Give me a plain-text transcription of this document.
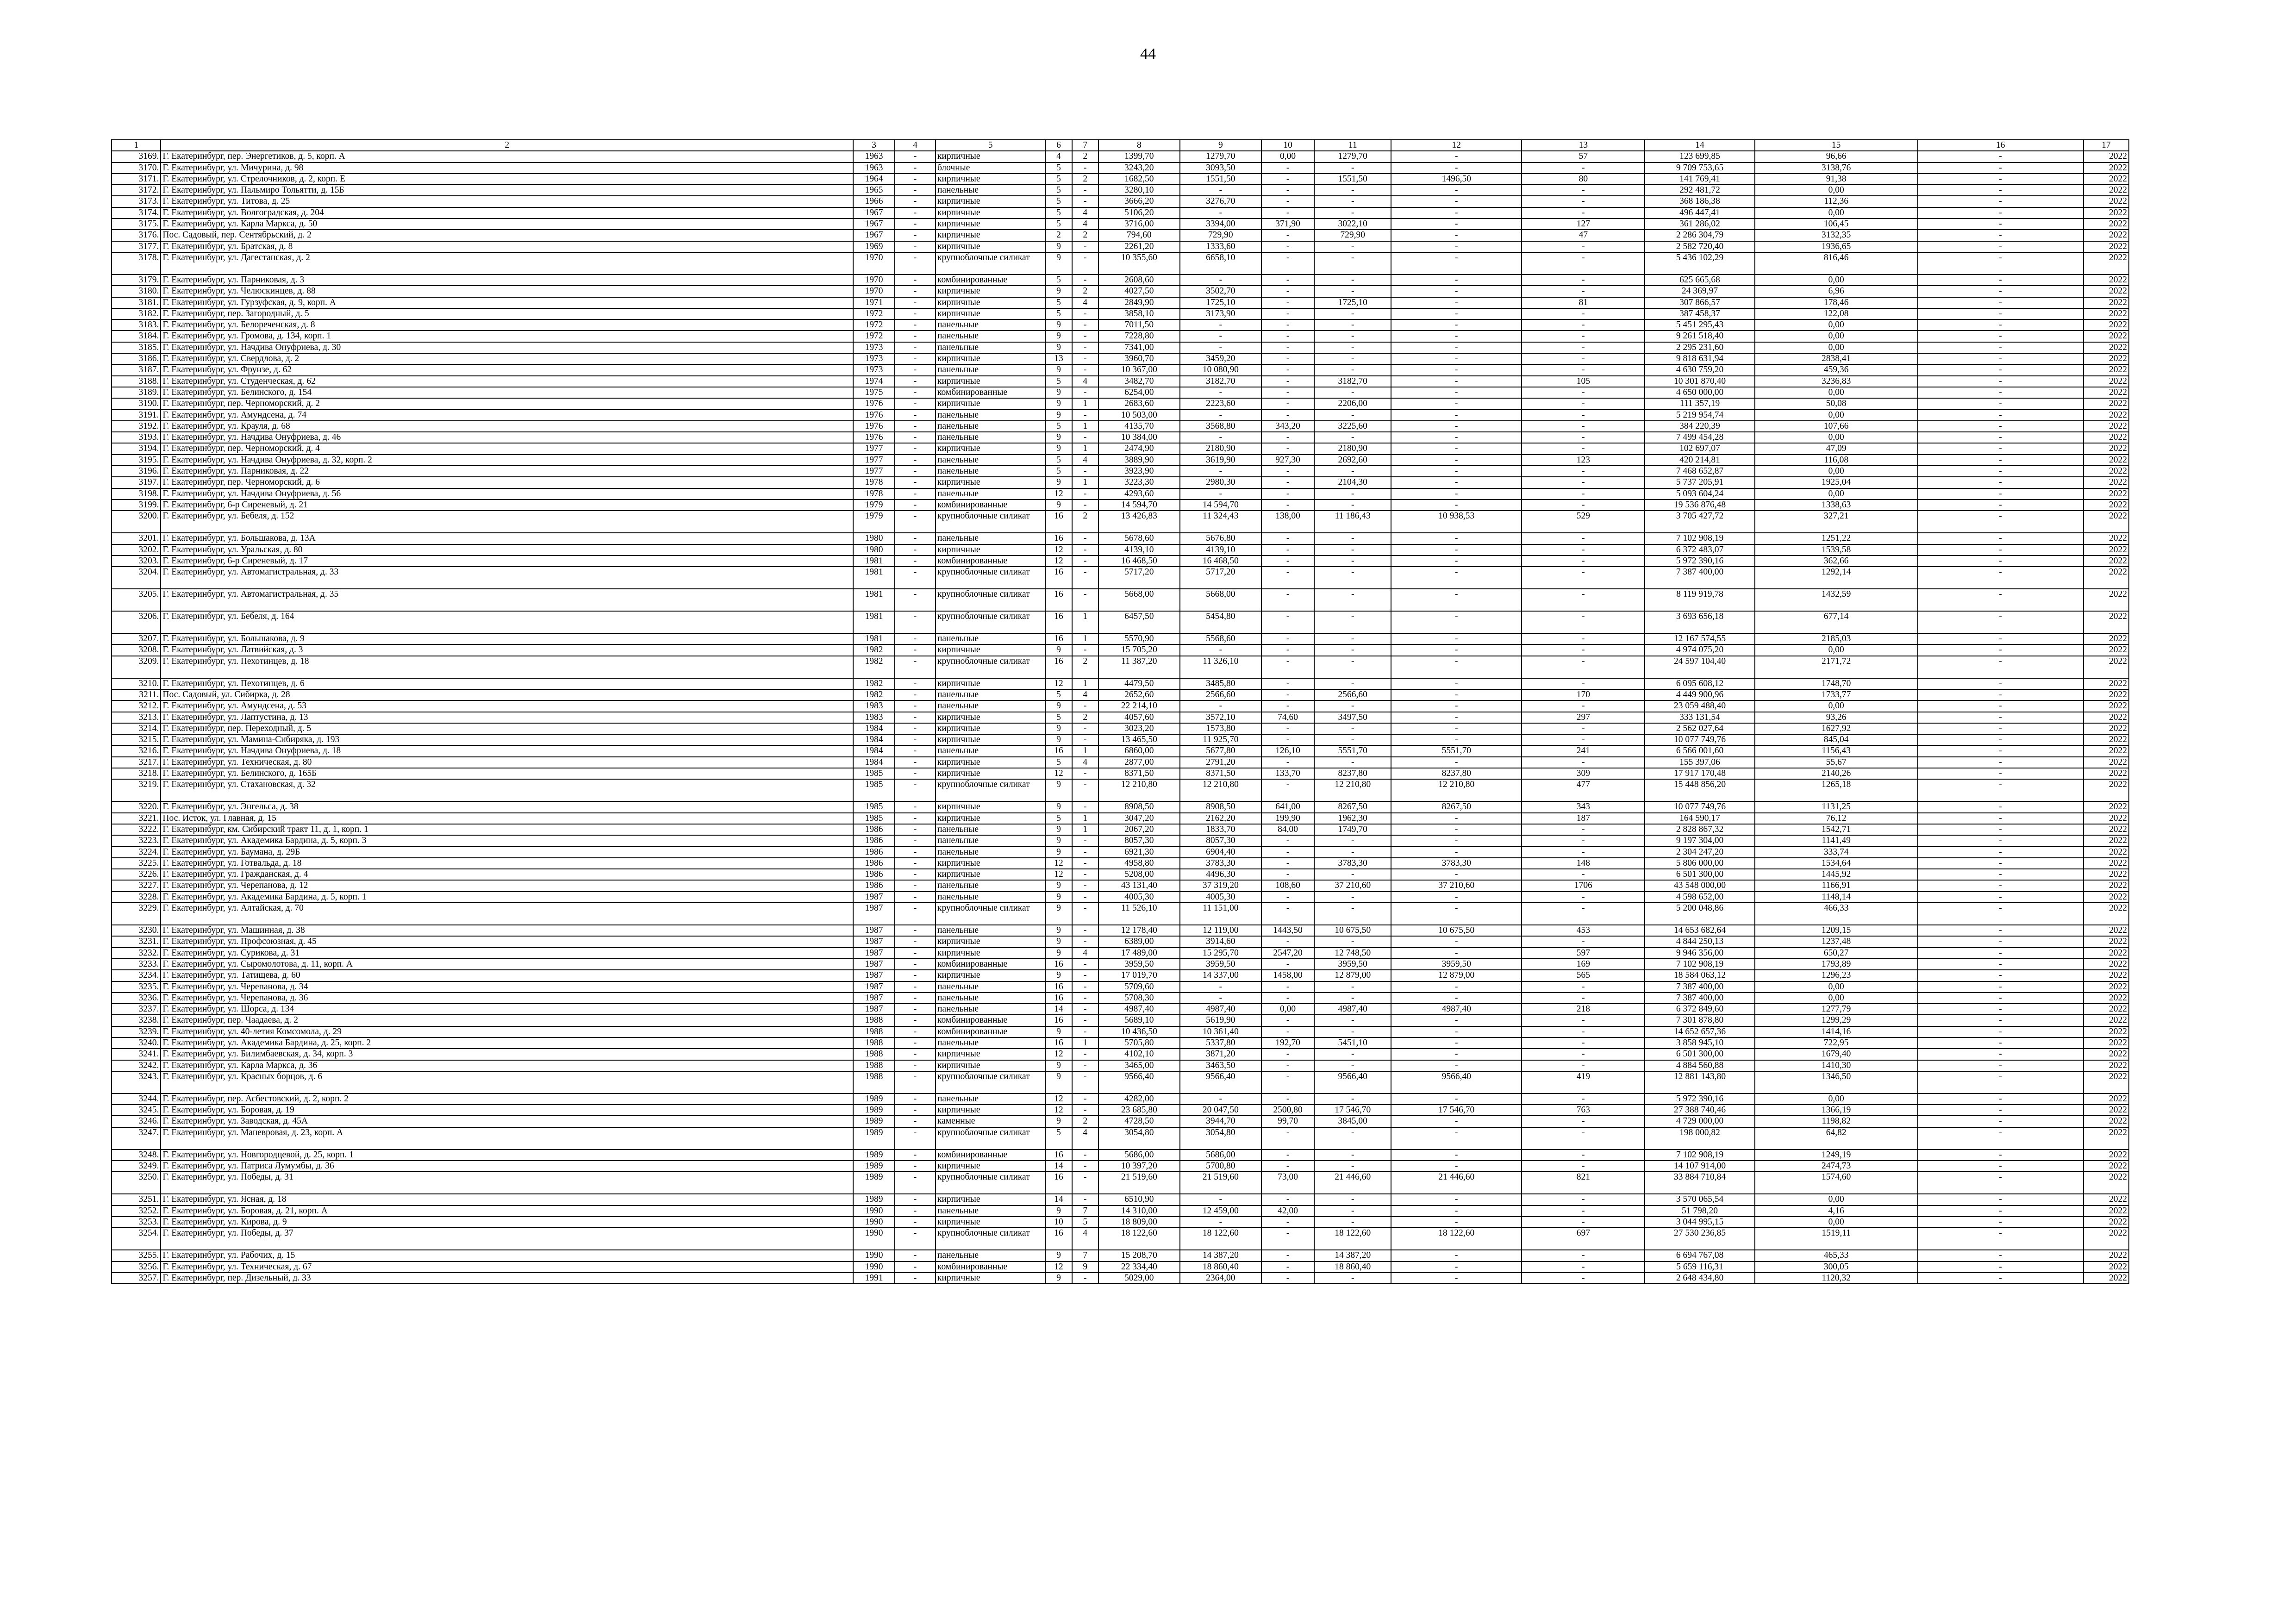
44
1	2	3	4	5	6	7	8	9	10	11	12	13	14	15	16	17
3169.	Г. Екатеринбург, пер. Энергетиков, д. 5, корп. А	1963	-	кирпичные	4	2	1399,70	1279,70	0,00	1279,70	-	57	123 699,85	96,66	-	2022
3170.	Г. Екатеринбург, ул. Мичурина, д. 98	1963	-	блочные	5	-	3243,20	3093,50	-	-	-	-	9 709 753,65	3138,76	-	2022
3171.	Г. Екатеринбург, ул. Стрелочников, д. 2, корп. Е	1964	-	кирпичные	5	2	1682,50	1551,50	-	1551,50	1496,50	80	141 769,41	91,38	-	2022
3172.	Г. Екатеринбург, ул. Пальмиро Тольятти, д. 15Б	1965	-	панельные	5	-	3280,10	-	-	-	-	-	292 481,72	0,00	-	2022
3173.	Г. Екатеринбург, ул. Титова, д. 25	1966	-	кирпичные	5	-	3666,20	3276,70	-	-	-	-	368 186,38	112,36	-	2022
3174.	Г. Екатеринбург, ул. Волгоградская, д. 204	1967	-	кирпичные	5	4	5106,20	-	-	-	-	-	496 447,41	0,00	-	2022
3175.	Г. Екатеринбург, ул. Карла Маркса, д. 50	1967	-	кирпичные	5	4	3716,00	3394,00	371,90	3022,10	-	127	361 286,02	106,45	-	2022
3176.	Пос. Садовый, пер. Сентябрьский, д. 2	1967	-	кирпичные	2	2	794,60	729,90	-	729,90	-	47	2 286 304,79	3132,35	-	2022
3177.	Г. Екатеринбург, ул. Братская, д. 8	1969	-	кирпичные	9	-	2261,20	1333,60	-	-	-	-	2 582 720,40	1936,65	-	2022
3178.	Г. Екатеринбург, ул. Дагестанская, д. 2	1970	-	крупноблочные силикат	9	-	10 355,60	6658,10	-	-	-	-	5 436 102,29	816,46	-	2022
3179.	Г. Екатеринбург, ул. Парниковая, д. 3	1970	-	комбинированные	5	-	2608,60	-	-	-	-	-	625 665,68	0,00	-	2022
3180.	Г. Екатеринбург, ул. Челюскинцев, д. 88	1970	-	кирпичные	9	2	4027,50	3502,70	-	-	-	-	24 369,97	6,96	-	2022
3181.	Г. Екатеринбург, ул. Гурзуфская, д. 9, корп. А	1971	-	кирпичные	5	4	2849,90	1725,10	-	1725,10	-	81	307 866,57	178,46	-	2022
3182.	Г. Екатеринбург, пер. Загородный, д. 5	1972	-	кирпичные	5	-	3858,10	3173,90	-	-	-	-	387 458,37	122,08	-	2022
3183.	Г. Екатеринбург, ул. Белореченская, д. 8	1972	-	панельные	9	-	7011,50	-	-	-	-	-	5 451 295,43	0,00	-	2022
3184.	Г. Екатеринбург, ул. Громова, д. 134, корп. 1	1972	-	панельные	9	-	7228,80	-	-	-	-	-	9 261 518,40	0,00	-	2022
3185.	Г. Екатеринбург, ул. Начдива Онуфриева, д. 30	1973	-	панельные	9	-	7341,00	-	-	-	-	-	2 295 231,60	0,00	-	2022
3186.	Г. Екатеринбург, ул. Свердлова, д. 2	1973	-	кирпичные	13	-	3960,70	3459,20	-	-	-	-	9 818 631,94	2838,41	-	2022
3187.	Г. Екатеринбург, ул. Фрунзе, д. 62	1973	-	панельные	9	-	10 367,00	10 080,90	-	-	-	-	4 630 759,20	459,36	-	2022
3188.	Г. Екатеринбург, ул. Студенческая, д. 62	1974	-	кирпичные	5	4	3482,70	3182,70	-	3182,70	-	105	10 301 870,40	3236,83	-	2022
3189.	Г. Екатеринбург, ул. Белинского, д. 154	1975	-	комбинированные	9	-	6254,00	-	-	-	-	-	4 650 000,00	0,00	-	2022
3190.	Г. Екатеринбург, пер. Черноморский, д. 2	1976	-	кирпичные	9	1	2683,60	2223,60	-	2206,00	-	-	111 357,19	50,08	-	2022
3191.	Г. Екатеринбург, ул. Амундсена, д. 74	1976	-	панельные	9	-	10 503,00	-	-	-	-	-	5 219 954,74	0,00	-	2022
3192.	Г. Екатеринбург, ул. Крауля, д. 68	1976	-	панельные	5	1	4135,70	3568,80	343,20	3225,60	-	-	384 220,39	107,66	-	2022
3193.	Г. Екатеринбург, ул. Начдива Онуфриева, д. 46	1976	-	панельные	9	-	10 384,00	-	-	-	-	-	7 499 454,28	0,00	-	2022
3194.	Г. Екатеринбург, пер. Черноморский, д. 4	1977	-	кирпичные	9	1	2474,90	2180,90	-	2180,90	-	-	102 697,07	47,09	-	2022
3195.	Г. Екатеринбург, ул. Начдива Онуфриева, д. 32, корп. 2	1977	-	панельные	5	4	3889,90	3619,90	927,30	2692,60	-	123	420 214,81	116,08	-	2022
3196.	Г. Екатеринбург, ул. Парниковая, д. 22	1977	-	панельные	5	-	3923,90	-	-	-	-	-	7 468 652,87	0,00	-	2022
3197.	Г. Екатеринбург, пер. Черноморский, д. 6	1978	-	кирпичные	9	1	3223,30	2980,30	-	2104,30	-	-	5 737 205,91	1925,04	-	2022
3198.	Г. Екатеринбург, ул. Начдива Онуфриева, д. 56	1978	-	панельные	12	-	4293,60	-	-	-	-	-	5 093 604,24	0,00	-	2022
3199.	Г. Екатеринбург, 6-р Сиреневый, д. 21	1979	-	комбинированные	9	-	14 594,70	14 594,70	-	-	-	-	19 536 876,48	1338,63	-	2022
3200.	Г. Екатеринбург, ул. Бебеля, д. 152	1979	-	крупноблочные силикат	16	2	13 426,83	11 324,43	138,00	11 186,43	10 938,53	529	3 705 427,72	327,21	-	2022
3201.	Г. Екатеринбург, ул. Большакова, д. 13А	1980	-	панельные	16	-	5678,60	5676,80	-	-	-	-	7 102 908,19	1251,22	-	2022
3202.	Г. Екатеринбург, ул. Уральская, д. 80	1980	-	кирпичные	12	-	4139,10	4139,10	-	-	-	-	6 372 483,07	1539,58	-	2022
3203.	Г. Екатеринбург, 6-р Сиреневый, д. 17	1981	-	комбинированные	12	-	16 468,50	16 468,50	-	-	-	-	5 972 390,16	362,66	-	2022
3204.	Г. Екатеринбург, ул. Автомагистральная, д. 33	1981	-	крупноблочные силикат	16	-	5717,20	5717,20	-	-	-	-	7 387 400,00	1292,14	-	2022
3205.	Г. Екатеринбург, ул. Автомагистральная, д. 35	1981	-	крупноблочные силикат	16	-	5668,00	5668,00	-	-	-	-	8 119 919,78	1432,59	-	2022
3206.	Г. Екатеринбург, ул. Бебеля, д. 164	1981	-	крупноблочные силикат	16	1	6457,50	5454,80	-	-	-	-	3 693 656,18	677,14	-	2022
3207.	Г. Екатеринбург, ул. Большакова, д. 9	1981	-	панельные	16	1	5570,90	5568,60	-	-	-	-	12 167 574,55	2185,03	-	2022
3208.	Г. Екатеринбург, ул. Латвийская, д. 3	1982	-	кирпичные	9	-	15 705,20	-	-	-	-	-	4 974 075,20	0,00	-	2022
3209.	Г. Екатеринбург, ул. Пехотинцев, д. 18	1982	-	крупноблочные силикат	16	2	11 387,20	11 326,10	-	-	-	-	24 597 104,40	2171,72	-	2022
3210.	Г. Екатеринбург, ул. Пехотинцев, д. 6	1982	-	кирпичные	12	1	4479,50	3485,80	-	-	-	-	6 095 608,12	1748,70	-	2022
3211.	Пос. Садовый, ул. Сибирка, д. 28	1982	-	панельные	5	4	2652,60	2566,60	-	2566,60	-	170	4 449 900,96	1733,77	-	2022
3212.	Г. Екатеринбург, ул. Амундсена, д. 53	1983	-	панельные	9	-	22 214,10	-	-	-	-	-	23 059 488,40	0,00	-	2022
3213.	Г. Екатеринбург, ул. Лаптустина, д. 13	1983	-	кирпичные	5	2	4057,60	3572,10	74,60	3497,50	-	297	333 131,54	93,26	-	2022
3214.	Г. Екатеринбург, пер. Переходный, д. 5	1984	-	кирпичные	9	-	3023,20	1573,80	-	-	-	-	2 562 027,64	1627,92	-	2022
3215.	Г. Екатеринбург, ул. Мамина-Сибиряка, д. 193	1984	-	кирпичные	9	-	13 465,50	11 925,70	-	-	-	-	10 077 749,76	845,04	-	2022
3216.	Г. Екатеринбург, ул. Начдива Онуфриева, д. 18	1984	-	панельные	16	1	6860,00	5677,80	126,10	5551,70	5551,70	241	6 566 001,60	1156,43	-	2022
3217.	Г. Екатеринбург, ул. Техническая, д. 80	1984	-	кирпичные	5	4	2877,00	2791,20	-	-	-	-	155 397,06	55,67	-	2022
3218.	Г. Екатеринбург, ул. Белинского, д. 165Б	1985	-	кирпичные	12	-	8371,50	8371,50	133,70	8237,80	8237,80	309	17 917 170,48	2140,26	-	2022
3219.	Г. Екатеринбург, ул. Стахановская, д. 32	1985	-	крупноблочные силикат	9	-	12 210,80	12 210,80	-	12 210,80	12 210,80	477	15 448 856,20	1265,18	-	2022
3220.	Г. Екатеринбург, ул. Энгельса, д. 38	1985	-	кирпичные	9	-	8908,50	8908,50	641,00	8267,50	8267,50	343	10 077 749,76	1131,25	-	2022
3221.	Пос. Исток, ул. Главная, д. 15	1985	-	кирпичные	5	1	3047,20	2162,20	199,90	1962,30	-	187	164 590,17	76,12	-	2022
3222.	Г. Екатеринбург, км. Сибирский тракт 11, д. 1, корп. 1	1986	-	панельные	9	1	2067,20	1833,70	84,00	1749,70	-	-	2 828 867,32	1542,71	-	2022
3223.	Г. Екатеринбург, ул. Академика Бардина, д. 5, корп. 3	1986	-	панельные	9	-	8057,30	8057,30	-	-	-	-	9 197 304,00	1141,49	-	2022
3224.	Г. Екатеринбург, ул. Баумана, д. 29Б	1986	-	панельные	9	-	6921,30	6904,40	-	-	-	-	2 304 247,20	333,74	-	2022
3225.	Г. Екатеринбург, ул. Готвальда, д. 18	1986	-	кирпичные	12	-	4958,80	3783,30	-	3783,30	3783,30	148	5 806 000,00	1534,64	-	2022
3226.	Г. Екатеринбург, ул. Гражданская, д. 4	1986	-	кирпичные	12	-	5208,00	4496,30	-	-	-	-	6 501 300,00	1445,92	-	2022
3227.	Г. Екатеринбург, ул. Черепанова, д. 12	1986	-	панельные	9	-	43 131,40	37 319,20	108,60	37 210,60	37 210,60	1706	43 548 000,00	1166,91	-	2022
3228.	Г. Екатеринбург, ул. Академика Бардина, д. 5, корп. 1	1987	-	панельные	9	-	4005,30	4005,30	-	-	-	-	4 598 652,00	1148,14	-	2022
3229.	Г. Екатеринбург, ул. Алтайская, д. 70	1987	-	крупноблочные силикат	9	-	11 526,10	11 151,00	-	-	-	-	5 200 048,86	466,33	-	2022
3230.	Г. Екатеринбург, ул. Машинная, д. 38	1987	-	панельные	9	-	12 178,40	12 119,00	1443,50	10 675,50	10 675,50	453	14 653 682,64	1209,15	-	2022
3231.	Г. Екатеринбург, ул. Профсоюзная, д. 45	1987	-	кирпичные	9	-	6389,00	3914,60	-	-	-	-	4 844 250,13	1237,48	-	2022
3232.	Г. Екатеринбург, ул. Сурикова, д. 31	1987	-	кирпичные	9	4	17 489,00	15 295,70	2547,20	12 748,50	-	597	9 946 356,00	650,27	-	2022
3233.	Г. Екатеринбург, ул. Сыромолотова, д. 11, корп. А	1987	-	комбинированные	16	-	3959,50	3959,50	-	3959,50	3959,50	169	7 102 908,19	1793,89	-	2022
3234.	Г. Екатеринбург, ул. Татищева, д. 60	1987	-	кирпичные	9	-	17 019,70	14 337,00	1458,00	12 879,00	12 879,00	565	18 584 063,12	1296,23	-	2022
3235.	Г. Екатеринбург, ул. Черепанова, д. 34	1987	-	панельные	16	-	5709,60	-	-	-	-	-	7 387 400,00	0,00	-	2022
3236.	Г. Екатеринбург, ул. Черепанова, д. 36	1987	-	панельные	16	-	5708,30	-	-	-	-	-	7 387 400,00	0,00	-	2022
3237.	Г. Екатеринбург, ул. Шорса, д. 134	1987	-	панельные	14	-	4987,40	4987,40	0,00	4987,40	4987,40	218	6 372 849,60	1277,79	-	2022
3238.	Г. Екатеринбург, пер. Чаадаева, д. 2	1988	-	комбинированные	16	-	5689,10	5619,90	-	-	-	-	7 301 878,80	1299,29	-	2022
3239.	Г. Екатеринбург, ул. 40-летия Комсомола, д. 29	1988	-	комбинированные	9	-	10 436,50	10 361,40	-	-	-	-	14 652 657,36	1414,16	-	2022
3240.	Г. Екатеринбург, ул. Академика Бардина, д. 25, корп. 2	1988	-	панельные	16	1	5705,80	5337,80	192,70	5451,10	-	-	3 858 945,10	722,95	-	2022
3241.	Г. Екатеринбург, ул. Билимбаевская, д. 34, корп. 3	1988	-	кирпичные	12	-	4102,10	3871,20	-	-	-	-	6 501 300,00	1679,40	-	2022
3242.	Г. Екатеринбург, ул. Карла Маркса, д. 36	1988	-	кирпичные	9	-	3465,00	3463,50	-	-	-	-	4 884 560,88	1410,30	-	2022
3243.	Г. Екатеринбург, ул. Красных борцов, д. 6	1988	-	крупноблочные силикат	9	-	9566,40	9566,40	-	9566,40	9566,40	419	12 881 143,80	1346,50	-	2022
3244.	Г. Екатеринбург, пер. Асбестовский, д. 2, корп. 2	1989	-	панельные	12	-	4282,00	-	-	-	-	-	5 972 390,16	0,00	-	2022
3245.	Г. Екатеринбург, ул. Боровая, д. 19	1989	-	кирпичные	12	-	23 685,80	20 047,50	2500,80	17 546,70	17 546,70	763	27 388 740,46	1366,19	-	2022
3246.	Г. Екатеринбург, ул. Заводская, д. 45А	1989	-	каменные	9	2	4728,50	3944,70	99,70	3845,00	-	-	4 729 000,00	1198,82	-	2022
3247.	Г. Екатеринбург, ул. Маневровая, д. 23, корп. А	1989	-	крупноблочные силикат	5	4	3054,80	3054,80	-	-	-	-	198 000,82	64,82	-	2022
3248.	Г. Екатеринбург, ул. Новгородцевой, д. 25, корп. 1	1989	-	комбинированные	16	-	5686,00	5686,00	-	-	-	-	7 102 908,19	1249,19	-	2022
3249.	Г. Екатеринбург, ул. Патриса Лумумбы, д. 36	1989	-	кирпичные	14	-	10 397,20	5700,80	-	-	-	-	14 107 914,00	2474,73	-	2022
3250.	Г. Екатеринбург, ул. Победы, д. 31	1989	-	крупноблочные силикат	16	-	21 519,60	21 519,60	73,00	21 446,60	21 446,60	821	33 884 710,84	1574,60	-	2022
3251.	Г. Екатеринбург, ул. Ясная, д. 18	1989	-	кирпичные	14	-	6510,90	-	-	-	-	-	3 570 065,54	0,00	-	2022
3252.	Г. Екатеринбург, ул. Боровая, д. 21, корп. А	1990	-	панельные	9	7	14 310,00	12 459,00	42,00	-	-	-	51 798,20	4,16	-	2022
3253.	Г. Екатеринбург, ул. Кирова, д. 9	1990	-	кирпичные	10	5	18 809,00	-	-	-	-	-	3 044 995,15	0,00	-	2022
3254.	Г. Екатеринбург, ул. Победы, д. 37	1990	-	крупноблочные силикат	16	4	18 122,60	18 122,60	-	18 122,60	18 122,60	697	27 530 236,85	1519,11	-	2022
3255.	Г. Екатеринбург, ул. Рабочих, д. 15	1990	-	панельные	9	7	15 208,70	14 387,20	-	14 387,20	-	-	6 694 767,08	465,33	-	2022
3256.	Г. Екатеринбург, ул. Техническая, д. 67	1990	-	комбинированные	12	9	22 334,40	18 860,40	-	18 860,40	-	-	5 659 116,31	300,05	-	2022
3257.	Г. Екатеринбург, пер. Дизельный, д. 33	1991	-	кирпичные	9	-	5029,00	2364,00	-	-	-	-	2 648 434,80	1120,32	-	2022
